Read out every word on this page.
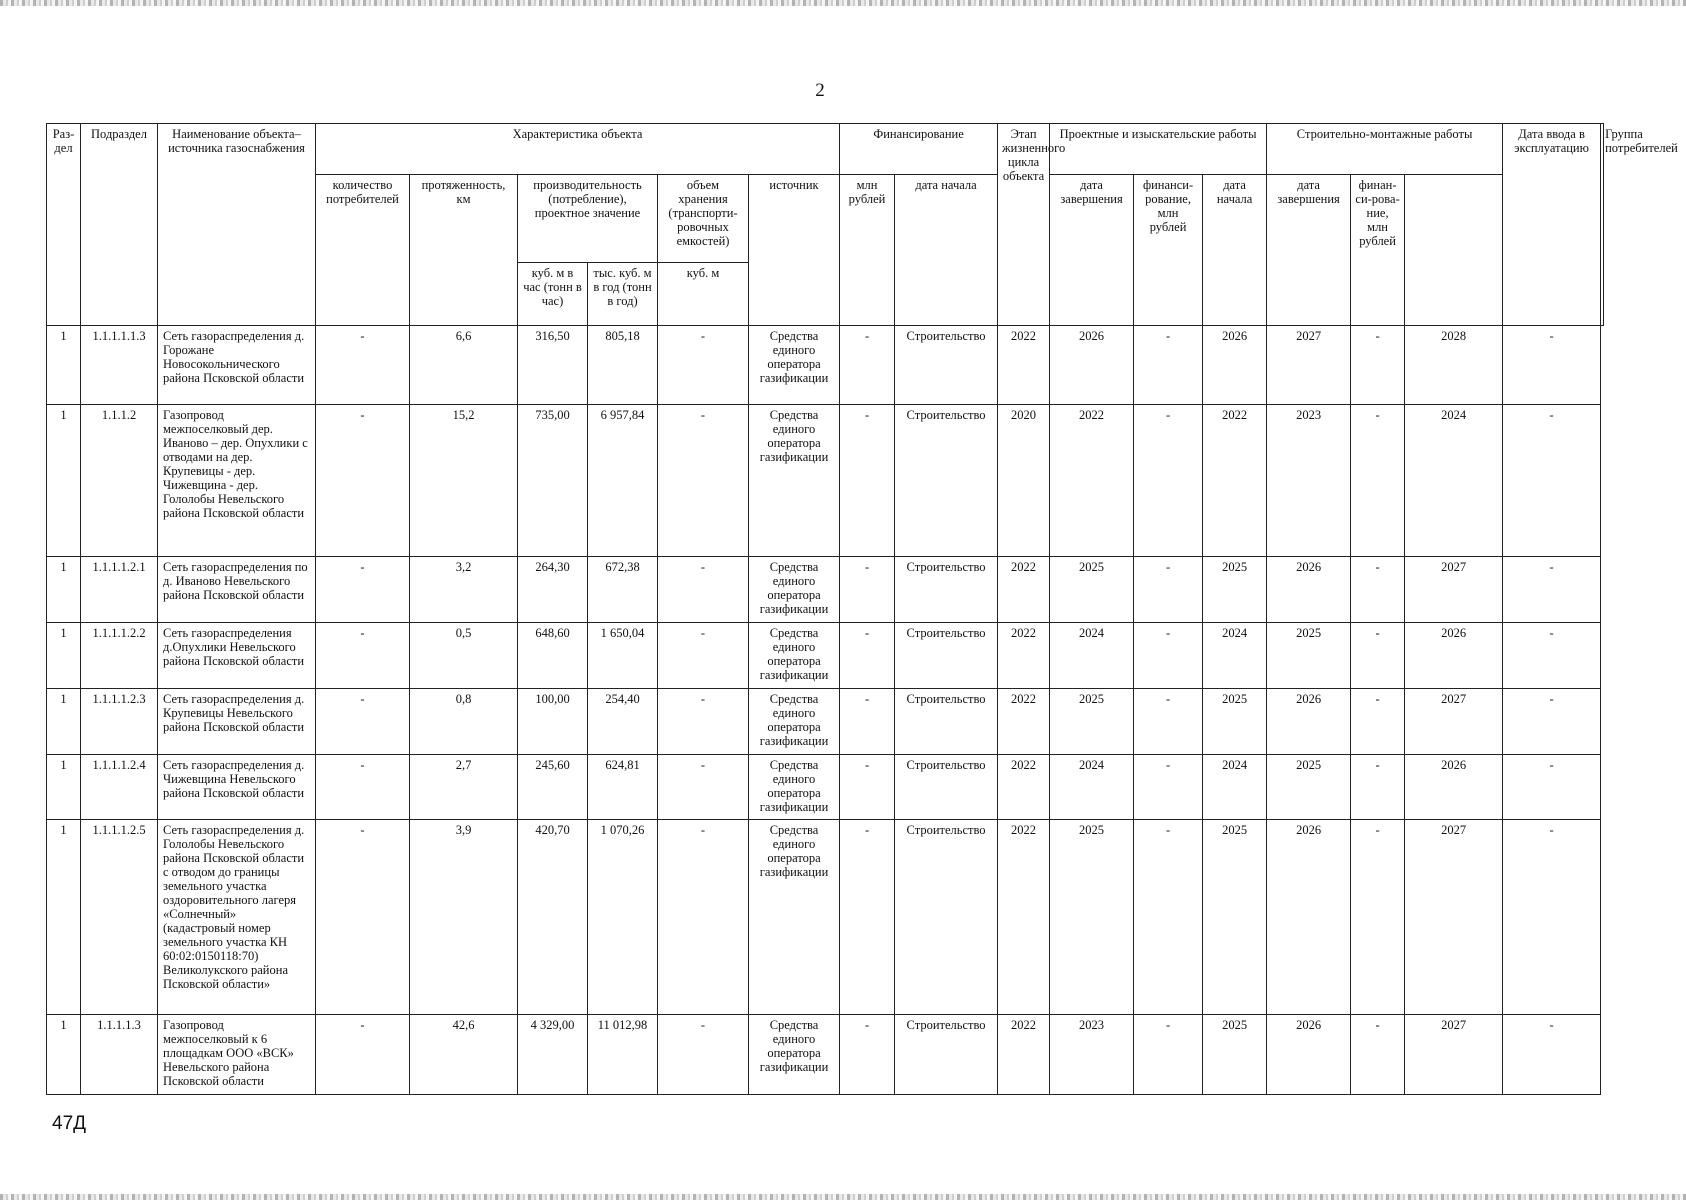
2
Раз-дел	Подраздел	Наименование объекта– источника газоснабжения	Характеристика объекта						Финансирование		Этап жизненного цикла объекта	Проектные и изыскательские работы			Строительно-монтажные работы			Дата ввода в эксплуатацию	Группа потребителей
			количество потребителей	протяженность, км	производительность (потребление), проектное значение		объем хранения (транспорти-ровочных емкостей)	источник	млн рублей	дата начала		дата завершения	финанси-рование, млн рублей	дата начала	дата завершения	финан-си-рова-ние, млн рублей			
					куб. м в час (тонн в час)	тыс. куб. м в год (тонн в год)	куб. м												
1	1.1.1.1.1.3	Сеть газораспределения д. Горожане Новосокольнического района Псковской области	-	6,6	316,50	805,18	-	Средства единого оператора газификации	-	Строительство	2022	2026	-	2026	2027	-	2028	-	
1	1.1.1.2	Газопровод межпоселковый дер. Иваново – дер. Опухлики с отводами на дер. Крупевицы - дер. Чижевщина - дер. Гололобы Невельского района Псковской области	-	15,2	735,00	6 957,84	-	Средства единого оператора газификации	-	Строительство	2020	2022	-	2022	2023	-	2024	-	
1	1.1.1.1.2.1	Сеть газораспределения по д. Иваново Невельского района Псковской области	-	3,2	264,30	672,38	-	Средства единого оператора газификации	-	Строительство	2022	2025	-	2025	2026	-	2027	-	
1	1.1.1.1.2.2	Сеть газораспределения д.Опухлики Невельского района Псковской области	-	0,5	648,60	1 650,04	-	Средства единого оператора газификации	-	Строительство	2022	2024	-	2024	2025	-	2026	-	
1	1.1.1.1.2.3	Сеть газораспределения д. Крупевицы Невельского района Псковской области	-	0,8	100,00	254,40	-	Средства единого оператора газификации	-	Строительство	2022	2025	-	2025	2026	-	2027	-	
1	1.1.1.1.2.4	Сеть газораспределения д. Чижевщина Невельского района Псковской области	-	2,7	245,60	624,81	-	Средства единого оператора газификации	-	Строительство	2022	2024	-	2024	2025	-	2026	-	
1	1.1.1.1.2.5	Сеть газораспределения д. Гололобы Невельского района Псковской области с отводом до границы земельного участка оздоровительного лагеря «Солнечный» (кадастровый номер земельного участка КН 60:02:0150118:70) Великолукского района Псковской области»	-	3,9	420,70	1 070,26	-	Средства единого оператора газификации	-	Строительство	2022	2025	-	2025	2026	-	2027	-	
1	1.1.1.1.3	Газопровод межпоселковый к 6 площадкам ООО «ВСК» Невельского района Псковской области	-	42,6	4 329,00	11 012,98	-	Средства единого оператора газификации	-	Строительство	2022	2023	-	2025	2026	-	2027	-	
47Д
